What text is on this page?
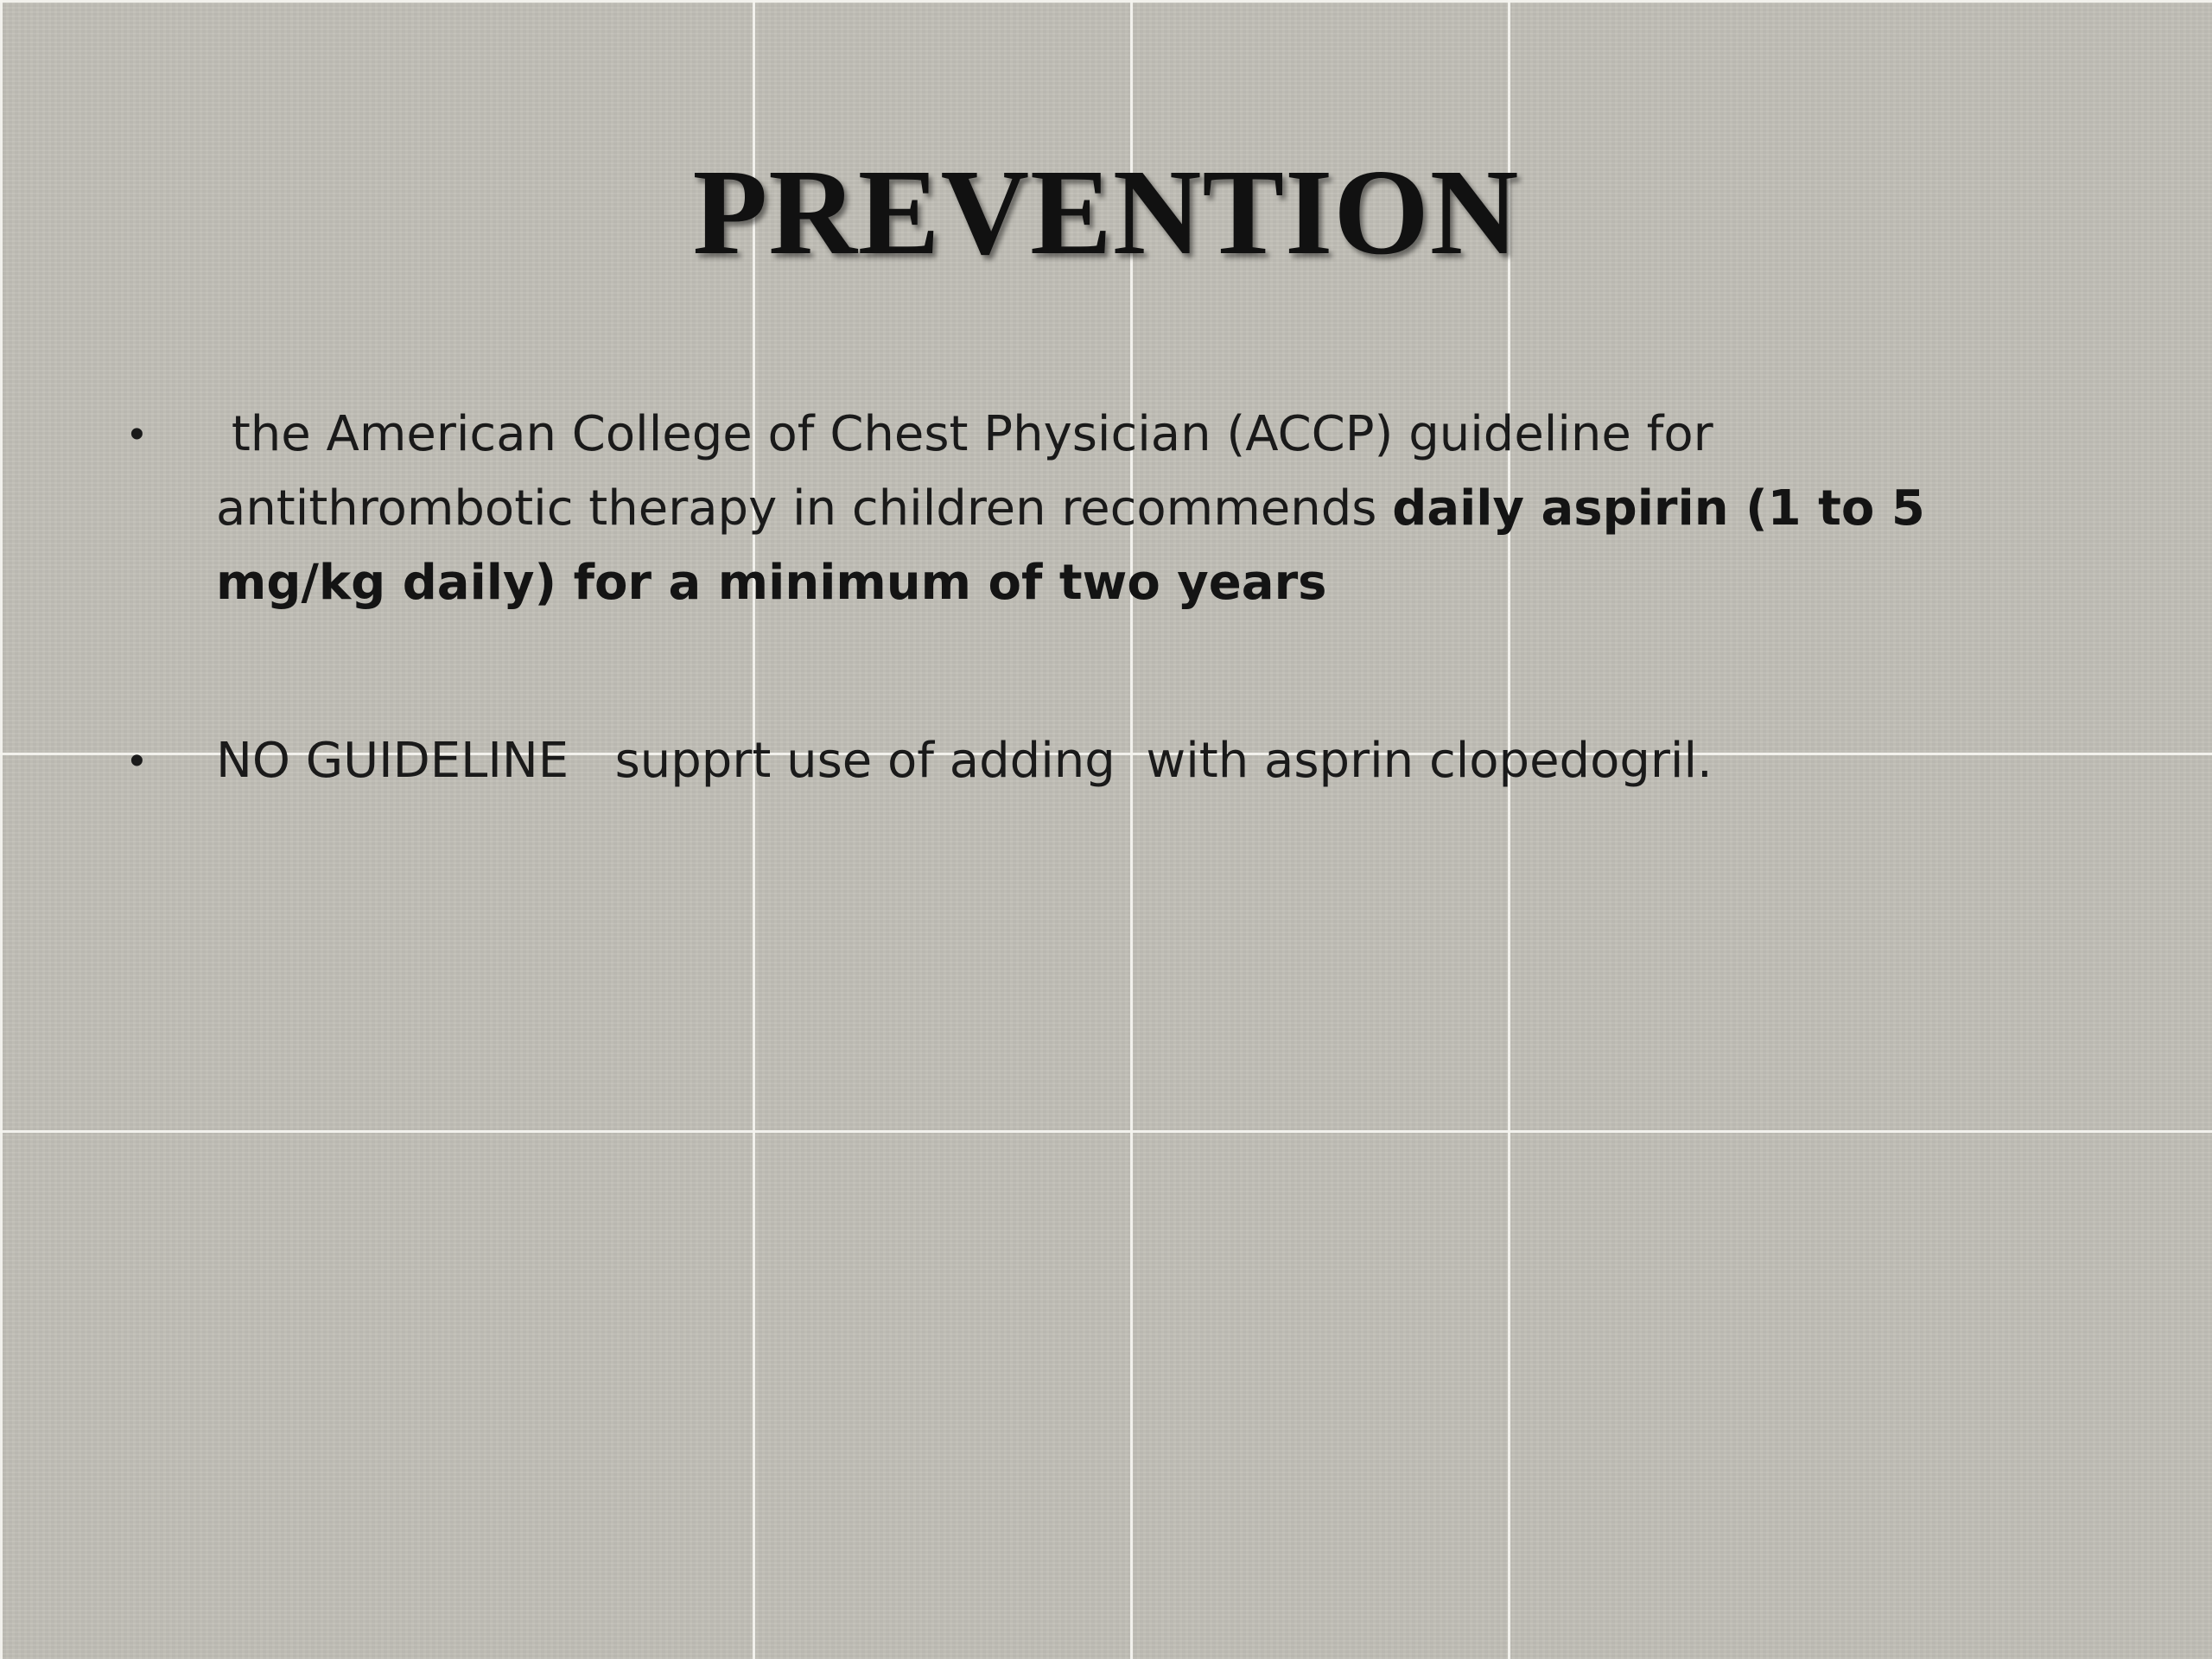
PREVENTION
•	the American College of Chest Physician (ACCP) guideline for antithrombotic therapy in children recommends daily aspirin (1 to 5 mg/kg daily) for a minimum of two years
•	NO GUIDELINE   supprt use of adding  with asprin clopedogril.
